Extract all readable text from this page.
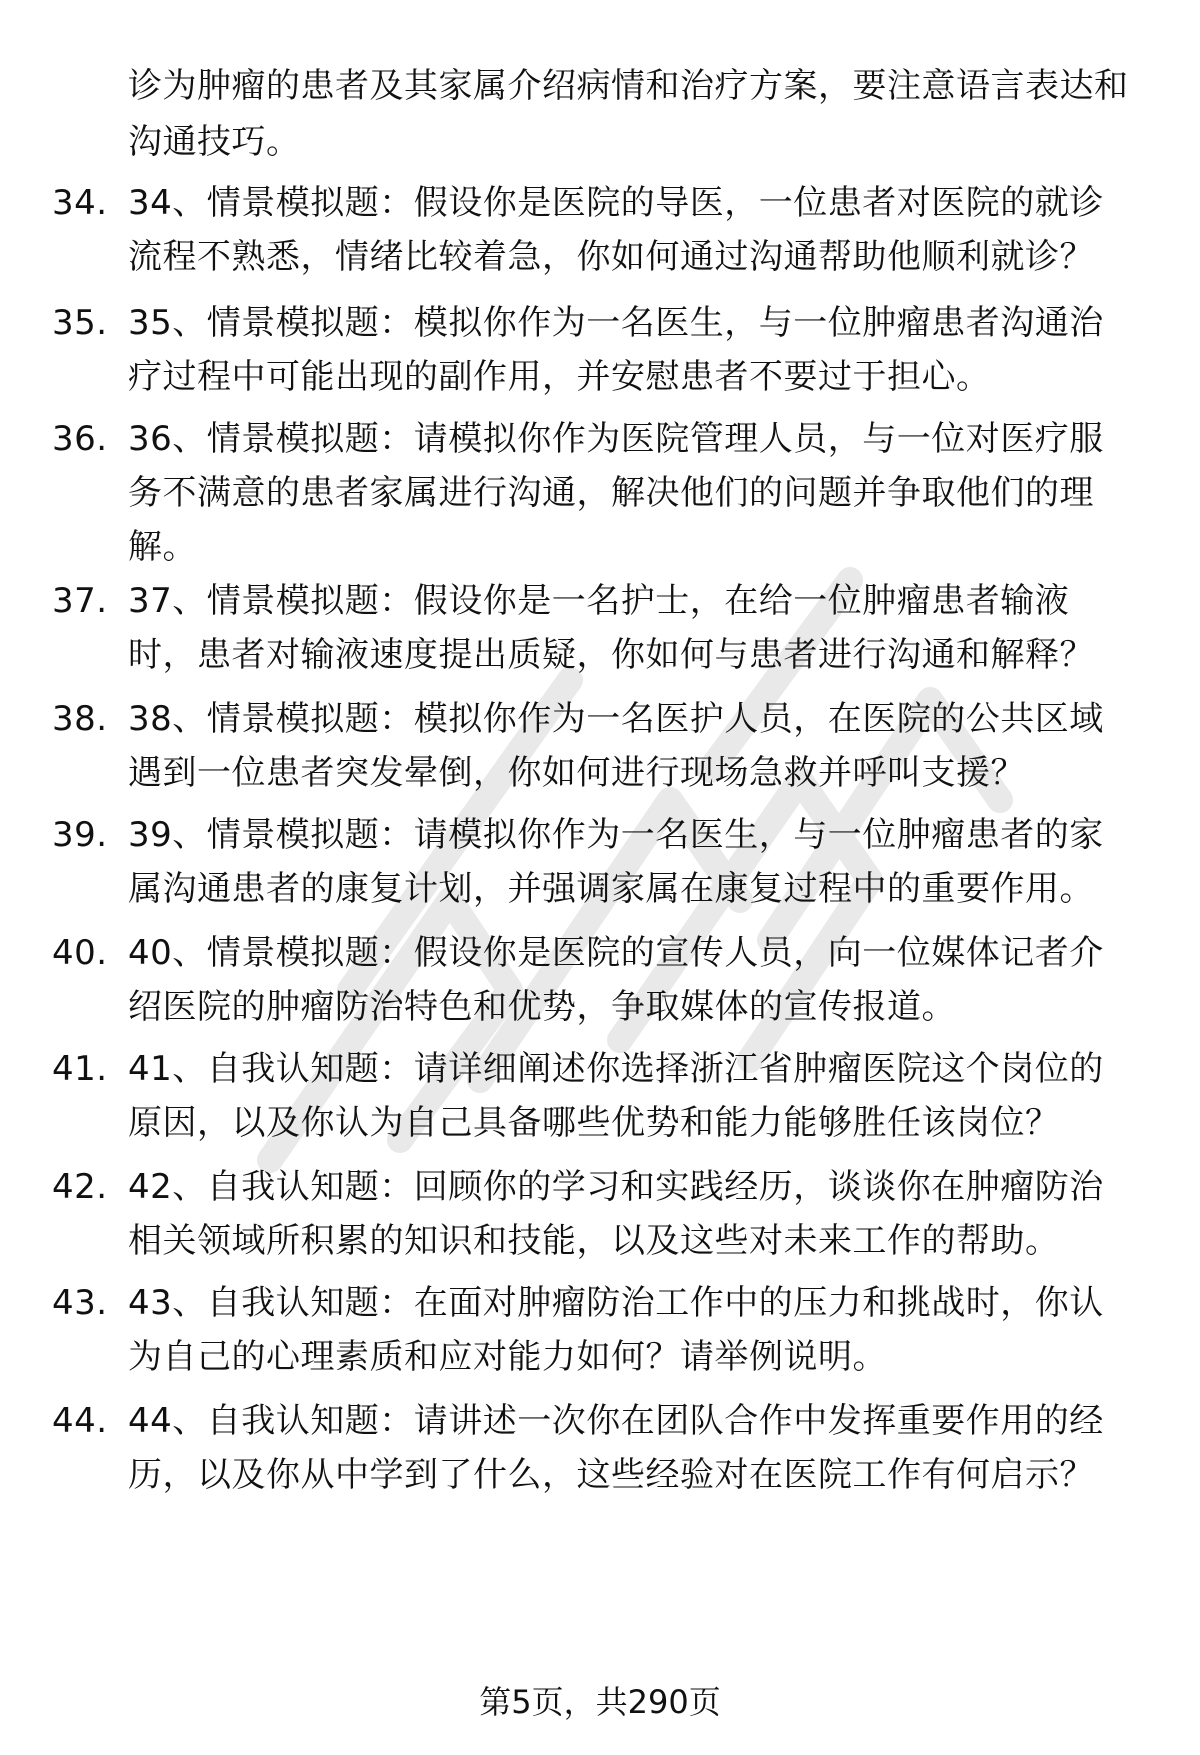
诊为肿瘤的患者及其家属介绍病情和治疗方案，要注意语言表达和沟通技巧。
34. 34、情景模拟题：假设你是医院的导医，一位患者对医院的就诊流程不熟悉，情绪比较着急，你如何通过沟通帮助他顺利就诊？
35. 35、情景模拟题：模拟你作为一名医生，与一位肿瘤患者沟通治疗过程中可能出现的副作用，并安慰患者不要过于担心。
36. 36、情景模拟题：请模拟你作为医院管理人员，与一位对医疗服务不满意的患者家属进行沟通，解决他们的问题并争取他们的理解。
37. 37、情景模拟题：假设你是一名护士，在给一位肿瘤患者输液时，患者对输液速度提出质疑，你如何与患者进行沟通和解释？
38. 38、情景模拟题：模拟你作为一名医护人员，在医院的公共区域遇到一位患者突发晕倒，你如何进行现场急救并呼叫支援？
39. 39、情景模拟题：请模拟你作为一名医生，与一位肿瘤患者的家属沟通患者的康复计划，并强调家属在康复过程中的重要作用。
40. 40、情景模拟题：假设你是医院的宣传人员，向一位媒体记者介绍医院的肿瘤防治特色和优势，争取媒体的宣传报道。
41. 41、自我认知题：请详细阐述你选择浙江省肿瘤医院这个岗位的原因，以及你认为自己具备哪些优势和能力能够胜任该岗位？
42. 42、自我认知题：回顾你的学习和实践经历，谈谈你在肿瘤防治相关领域所积累的知识和技能，以及这些对未来工作的帮助。
43. 43、自我认知题：在面对肿瘤防治工作中的压力和挑战时，你认为自己的心理素质和应对能力如何？请举例说明。
44. 44、自我认知题：请讲述一次你在团队合作中发挥重要作用的经历，以及你从中学到了什么，这些经验对在医院工作有何启示？
第5页，共290页
